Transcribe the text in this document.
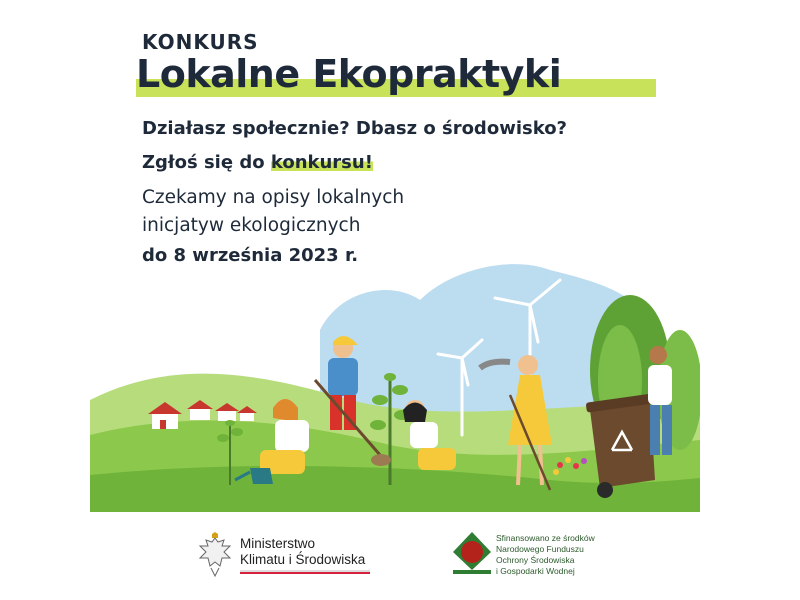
KONKURS
Lokalne Ekopraktyki
Działasz społecznie? Dbasz o środowisko?
Zgłoś się do konkursu!
Czekamy na opisy lokalnych
inicjatyw ekologicznych
do 8 września 2023 r.
Ministerstwo
Klimatu i Środowiska
Sfinansowano ze środków
Narodowego Funduszu
Ochrony Środowiska
i Gospodarki Wodnej
